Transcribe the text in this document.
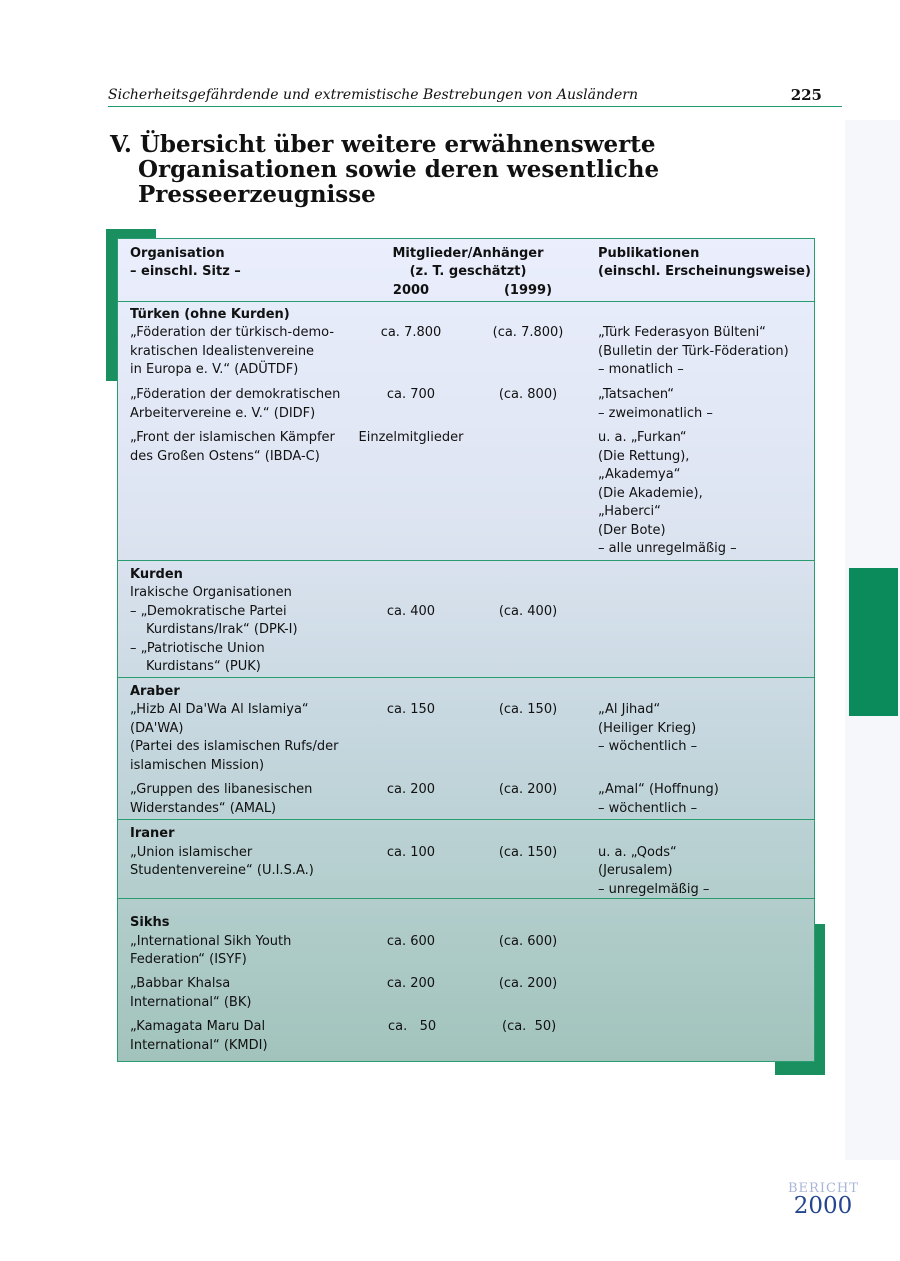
Sicherheitsgefährdende und extremistische Bestrebungen von Ausländern	225
V. Übersicht über weitere erwähnenswerte
Organisationen sowie deren wesentliche
Presseerzeugnisse
Organisation
– einschl. Sitz –
Mitglieder/Anhänger
(z. T. geschätzt)
2000	(1999)
Publikationen
(einschl. Erscheinungsweise)
Türken (ohne Kurden)
„Föderation der türkisch-demo-
kratischen Idealistenvereine
in Europa e. V.“ (ADÜTDF)
ca. 7.800	(ca. 7.800)	„Türk Federasyon Bülteni“
(Bulletin der Türk-Föderation)
– monatlich –
„Föderation der demokratischen
Arbeitervereine e. V.“ (DIDF)
ca. 700	(ca. 800)	„Tatsachen“
– zweimonatlich –
„Front der islamischen Kämpfer
des Großen Ostens“ (IBDA-C)
Einzelmitglieder	u. a. „Furkan“
(Die Rettung),
„Akademya“
(Die Akademie),
„Haberci“
(Der Bote)
– alle unregelmäßig –
Kurden
Irakische Organisationen
– „Demokratische Partei
Kurdistans/Irak“ (DPK-I)
– „Patriotische Union
Kurdistans“ (PUK)
ca. 400	(ca. 400)
Araber
„Hizb Al Da'Wa Al Islamiya“
(DA'WA)
(Partei des islamischen Rufs/der
islamischen Mission)
ca. 150	(ca. 150)	„Al Jihad“
(Heiliger Krieg)
– wöchentlich –
„Gruppen des libanesischen
Widerstandes“ (AMAL)
ca. 200	(ca. 200)	„Amal“ (Hoffnung)
– wöchentlich –
Iraner
„Union islamischer
Studentenvereine“ (U.I.S.A.)
ca. 100	(ca. 150)	u. a. „Qods“
(Jerusalem)
– unregelmäßig –
Sikhs
„International Sikh Youth
Federation“ (ISYF)
ca. 600	(ca. 600)
„Babbar Khalsa
International“ (BK)
ca. 200	(ca. 200)
„Kamagata Maru Dal
International“ (KMDI)
ca.   50	(ca.  50)
BERICHT
2000
